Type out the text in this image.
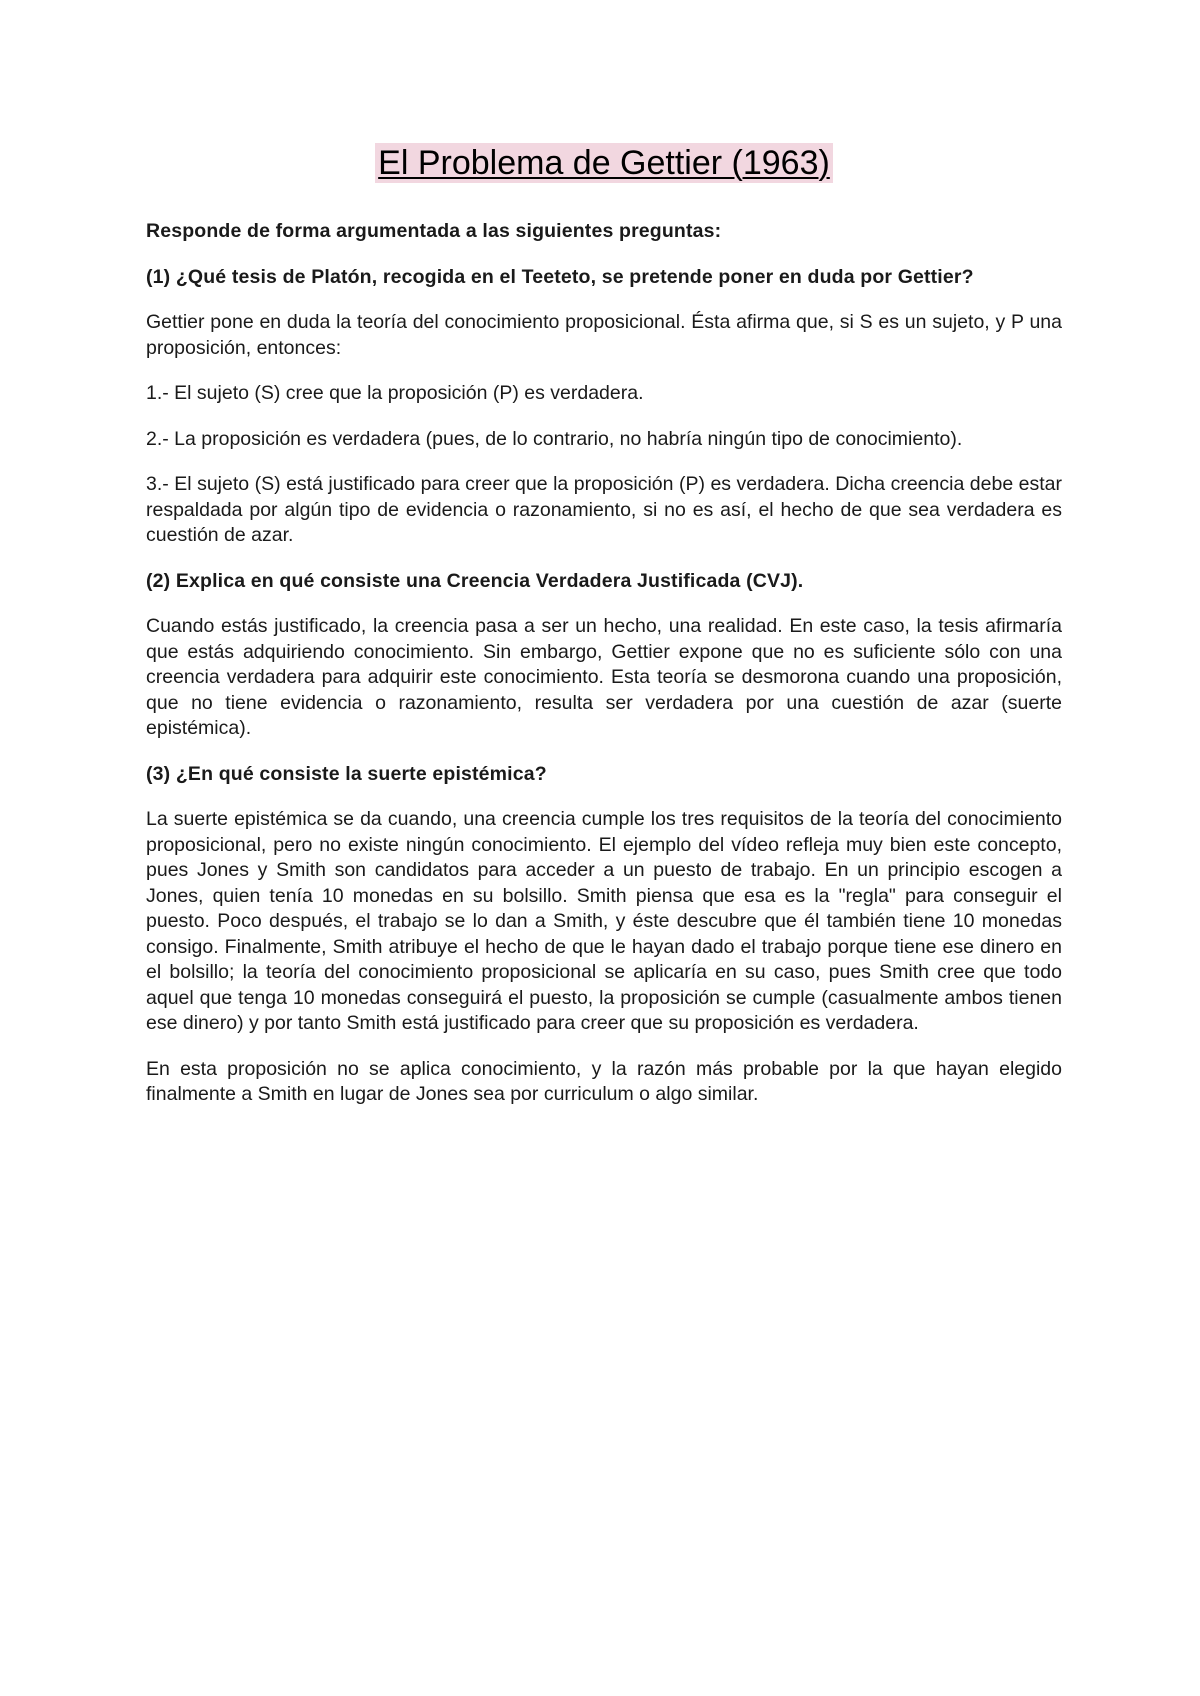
El Problema de Gettier (1963)

Responde de forma argumentada a las siguientes preguntas:

(1) ¿Qué tesis de Platón, recogida en el Teeteto, se pretende poner en duda por Gettier?

Gettier pone en duda la teoría del conocimiento proposicional. Ésta afirma que, si S es un sujeto, y P una proposición, entonces:

1.- El sujeto (S) cree que la proposición (P) es verdadera.

2.- La proposición es verdadera (pues, de lo contrario, no habría ningún tipo de conocimiento).

3.- El sujeto (S) está justificado para creer que la proposición (P) es verdadera. Dicha creencia debe estar respaldada por algún tipo de evidencia o razonamiento, si no es así, el hecho de que sea verdadera es cuestión de azar.

(2) Explica en qué consiste una Creencia Verdadera Justificada (CVJ).

Cuando estás justificado, la creencia pasa a ser un hecho, una realidad. En este caso, la tesis afirmaría que estás adquiriendo conocimiento. Sin embargo, Gettier expone que no es suficiente sólo con una creencia verdadera para adquirir este conocimiento. Esta teoría se desmorona cuando una proposición, que no tiene evidencia o razonamiento, resulta ser verdadera por una cuestión de azar (suerte epistémica).

(3) ¿En qué consiste la suerte epistémica?

La suerte epistémica se da cuando, una creencia cumple los tres requisitos de la teoría del conocimiento proposicional, pero no existe ningún conocimiento. El ejemplo del vídeo refleja muy bien este concepto, pues Jones y Smith son candidatos para acceder a un puesto de trabajo. En un principio escogen a Jones, quien tenía 10 monedas en su bolsillo. Smith piensa que esa es la "regla" para conseguir el puesto. Poco después, el trabajo se lo dan a Smith, y éste descubre que él también tiene 10 monedas consigo. Finalmente, Smith atribuye el hecho de que le hayan dado el trabajo porque tiene ese dinero en el bolsillo; la teoría del conocimiento proposicional se aplicaría en su caso, pues Smith cree que todo aquel que tenga 10 monedas conseguirá el puesto, la proposición se cumple (casualmente ambos tienen ese dinero) y por tanto Smith está justificado para creer que su proposición es verdadera.

En esta proposición no se aplica conocimiento, y la razón más probable por la que hayan elegido finalmente a Smith en lugar de Jones sea por curriculum o algo similar.
